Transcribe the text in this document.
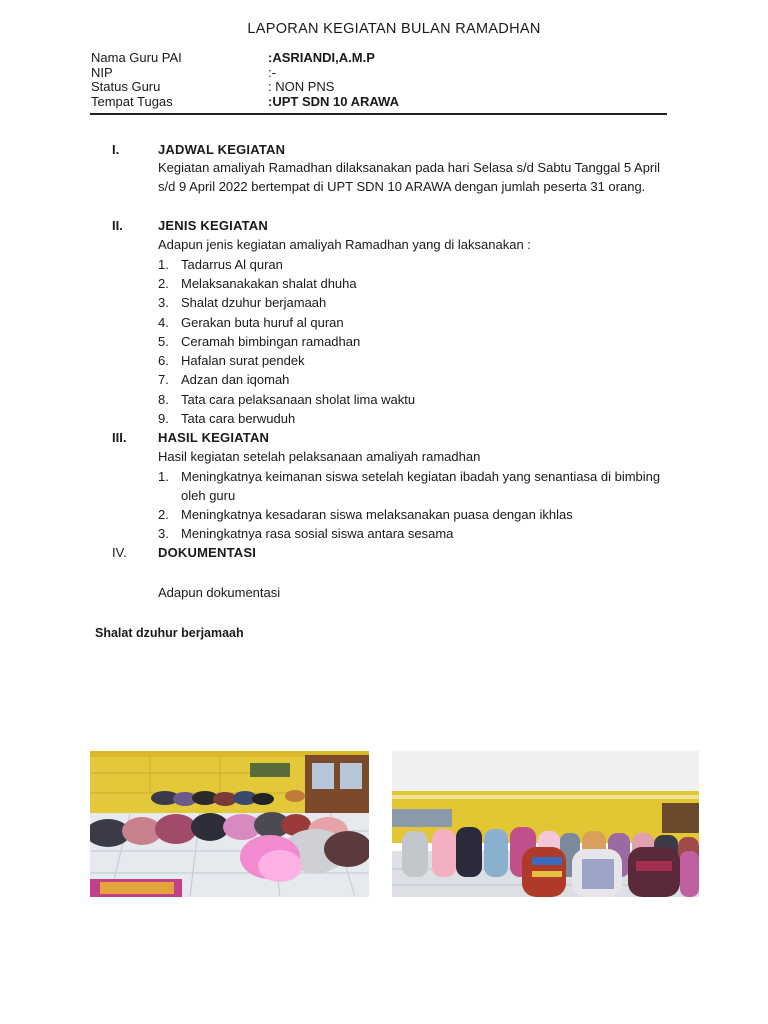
LAPORAN KEGIATAN BULAN RAMADHAN
Nama Guru PAI	:ASRIANDI,A.M.P
NIP	:-
Status Guru	: NON PNS
Tempat Tugas	:UPT SDN 10 ARAWA
I.	JADWAL KEGIATAN
Kegiatan amaliyah Ramadhan dilaksanakan pada hari Selasa s/d Sabtu Tanggal 5 April
s/d 9 April 2022 bertempat di UPT SDN 10 ARAWA dengan jumlah peserta 31 orang.
II.	JENIS KEGIATAN
Adapun jenis kegiatan amaliyah Ramadhan yang di laksanakan :
1. Tadarrus Al quran
2. Melaksanakakan shalat dhuha
3. Shalat dzuhur berjamaah
4. Gerakan buta huruf al quran
5. Ceramah bimbingan ramadhan
6. Hafalan surat pendek
7. Adzan dan iqomah
8. Tata cara pelaksanaan sholat lima waktu
9. Tata cara berwuduh
III. HASIL KEGIATAN
Hasil kegiatan setelah pelaksanaan amaliyah ramadhan
1. Meningkatnya keimanan siswa setelah kegiatan ibadah yang senantiasa di bimbing
oleh guru
2. Meningkatnya kesadaran siswa melaksanakan puasa dengan ikhlas
3. Meningkatnya rasa sosial siswa antara sesama
IV. DOKUMENTASI
Adapun dokumentasi
Shalat dzuhur berjamaah
